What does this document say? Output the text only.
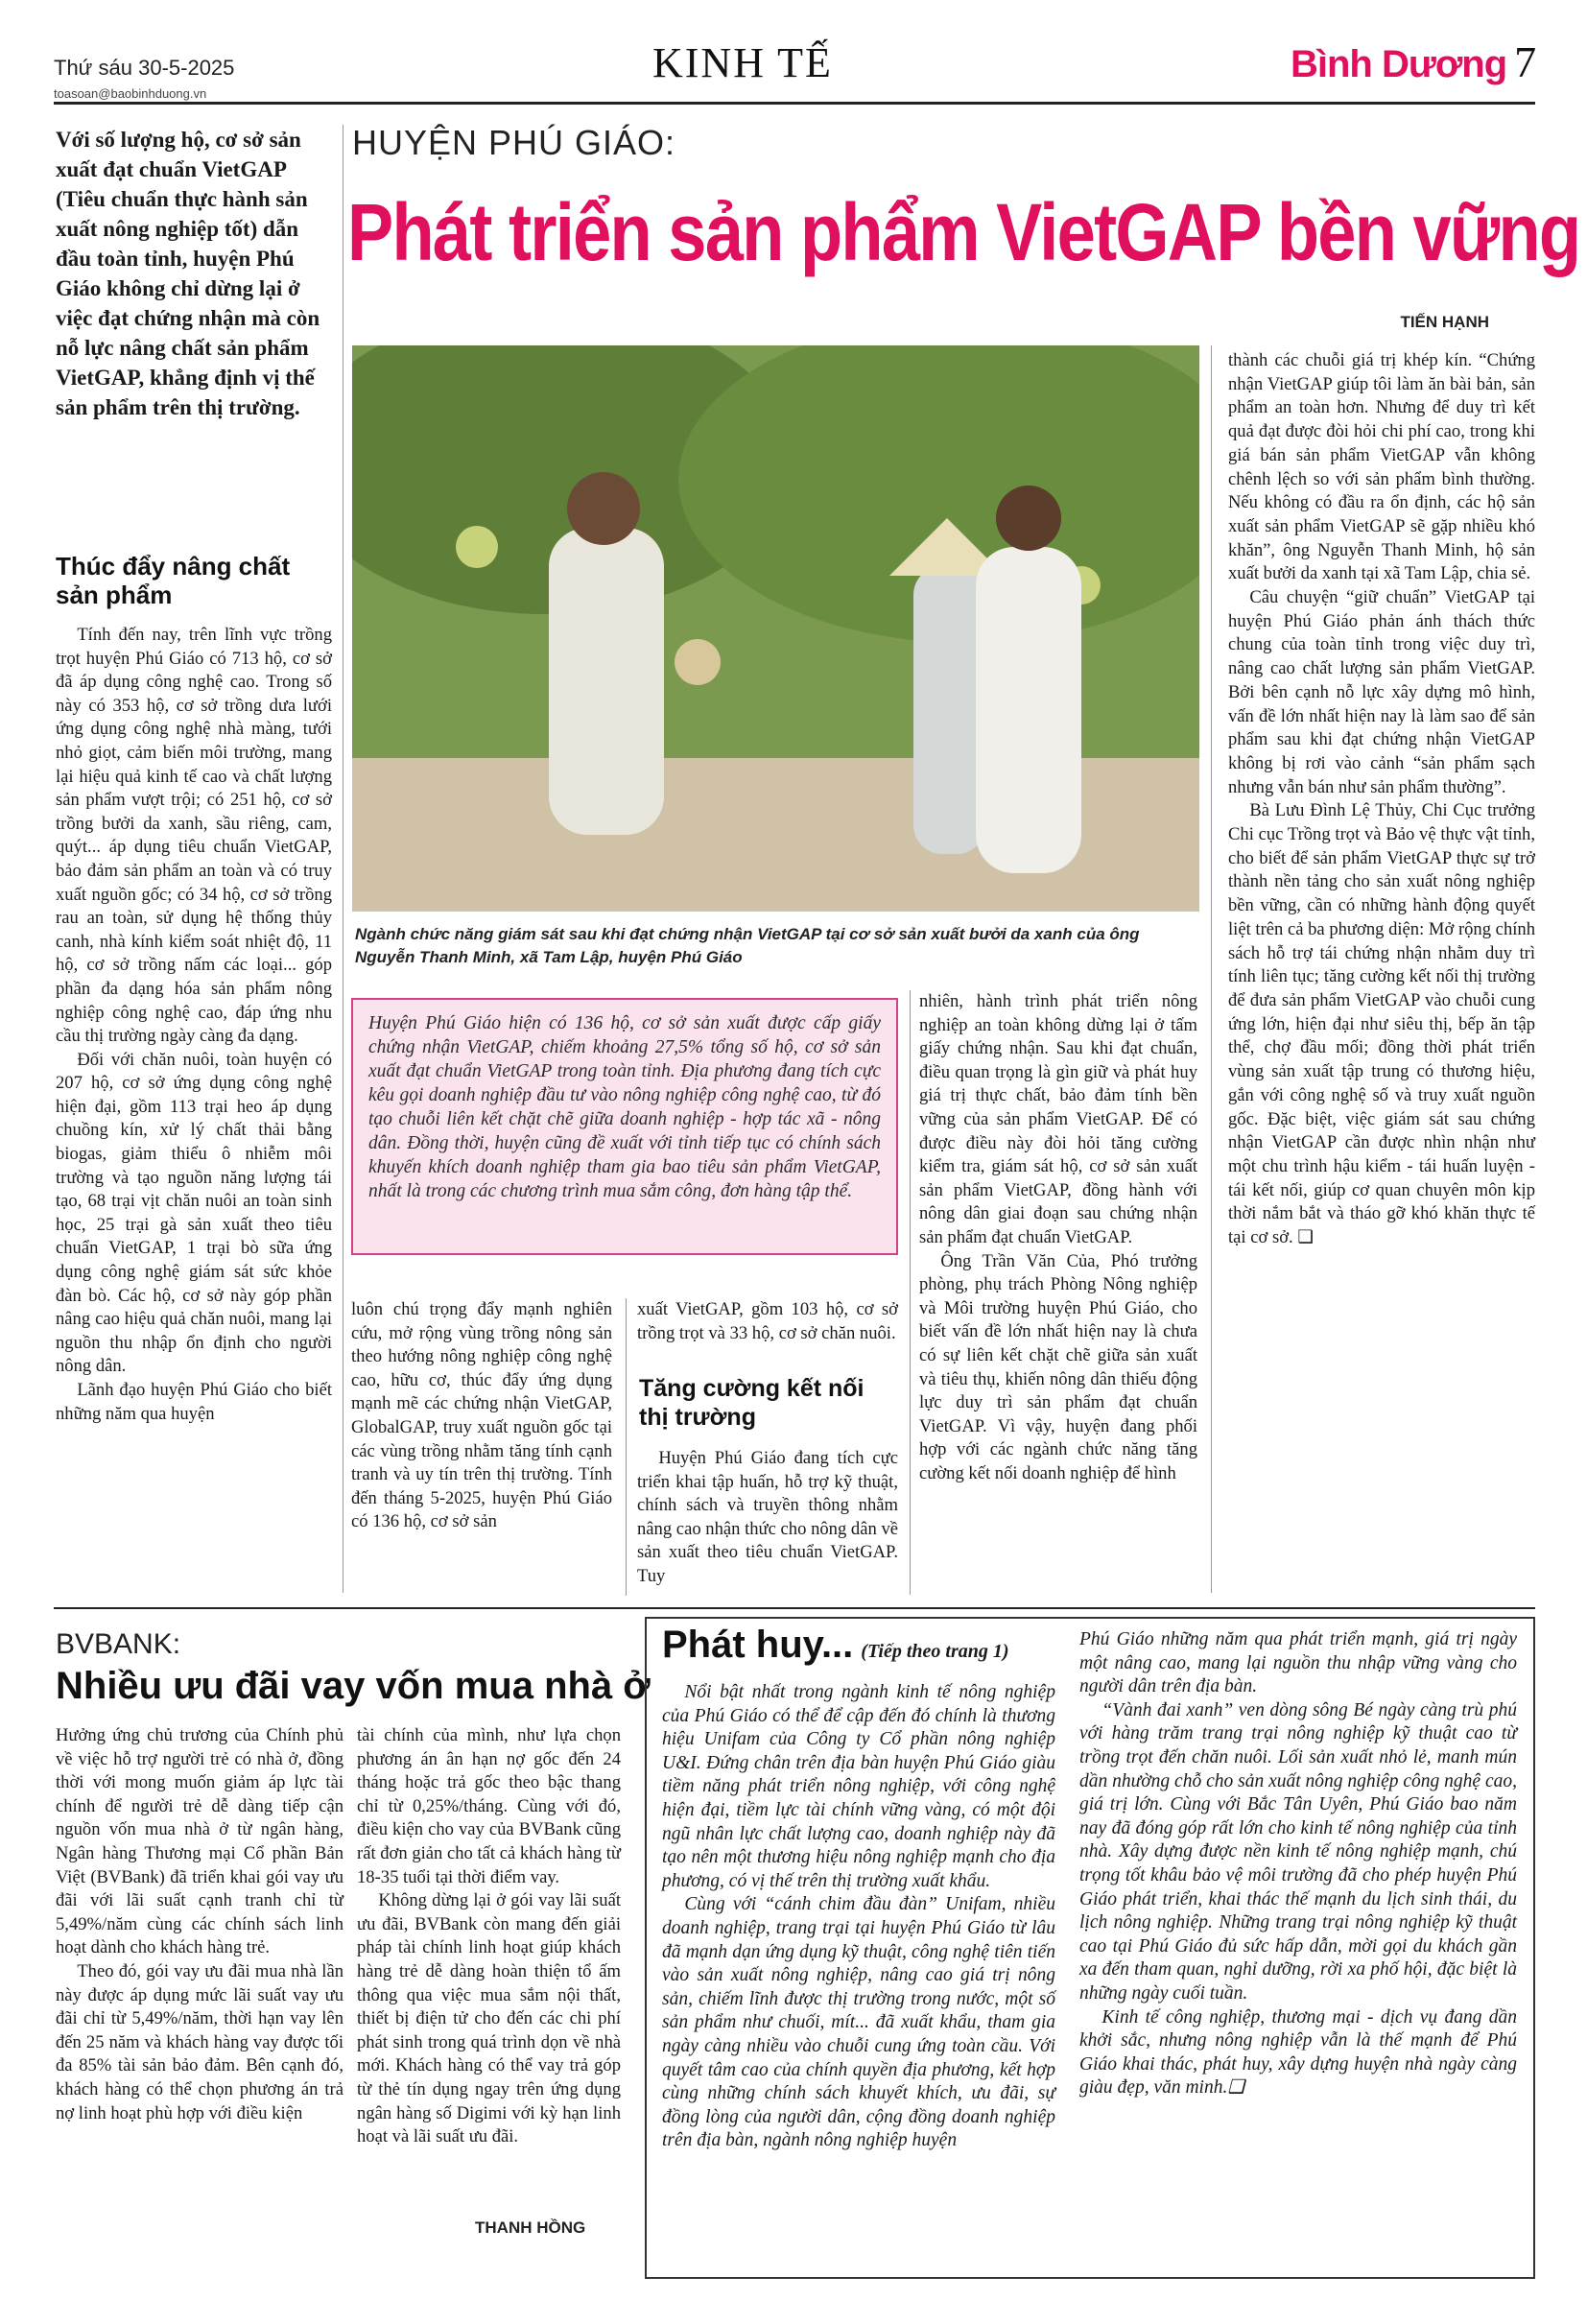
Thứ sáu 30-5-2025
toasoan@baobinhduong.vn
KINH TẾ	Bình Dương 7
Với số lượng hộ, cơ sở sản xuất đạt chuẩn VietGAP (Tiêu chuẩn thực hành sản xuất nông nghiệp tốt) dẫn đầu toàn tỉnh, huyện Phú Giáo không chỉ dừng lại ở việc đạt chứng nhận mà còn nỗ lực nâng chất sản phẩm VietGAP, khẳng định vị thế sản phẩm trên thị trường.
Thúc đẩy nâng chất sản phẩm

Tính đến nay, trên lĩnh vực trồng trọt huyện Phú Giáo có 713 hộ, cơ sở đã áp dụng công nghệ cao. Trong số này có 353 hộ, cơ sở trồng dưa lưới ứng dụng công nghệ nhà màng, tưới nhỏ giọt, cảm biến môi trường, mang lại hiệu quả kinh tế cao và chất lượng sản phẩm vượt trội; có 251 hộ, cơ sở trồng bưởi da xanh, sầu riêng, cam, quýt... áp dụng tiêu chuẩn VietGAP, bảo đảm sản phẩm an toàn và có truy xuất nguồn gốc; có 34 hộ, cơ sở trồng rau an toàn, sử dụng hệ thống thủy canh, nhà kính kiểm soát nhiệt độ, 11 hộ, cơ sở trồng nấm các loại... góp phần đa dạng hóa sản phẩm nông nghiệp công nghệ cao, đáp ứng nhu cầu thị trường ngày càng đa dạng.

Đối với chăn nuôi, toàn huyện có 207 hộ, cơ sở ứng dụng công nghệ hiện đại, gồm 113 trại heo áp dụng chuồng kín, xử lý chất thải bằng biogas, giảm thiểu ô nhiễm môi trường và tạo nguồn năng lượng tái tạo, 68 trại vịt chăn nuôi an toàn sinh học, 25 trại gà sản xuất theo tiêu chuẩn VietGAP, 1 trại bò sữa ứng dụng công nghệ giám sát sức khỏe đàn bò. Các hộ, cơ sở này góp phần nâng cao hiệu quả chăn nuôi, mang lại nguồn thu nhập ổn định cho người nông dân.

Lãnh đạo huyện Phú Giáo cho biết những năm qua huyện

HUYỆN PHÚ GIÁO:
Phát triển sản phẩm VietGAP bền vững
TIẾN HẠNH
Ngành chức năng giám sát sau khi đạt chứng nhận VietGAP tại cơ sở sản xuất bưởi da xanh của ông Nguyễn Thanh Minh, xã Tam Lập, huyện Phú Giáo

thành các chuỗi giá trị khép kín. “Chứng nhận VietGAP giúp tôi làm ăn bài bản, sản phẩm an toàn hơn. Nhưng để duy trì kết quả đạt được đòi hỏi chi phí cao, trong khi giá bán sản phẩm VietGAP vẫn không chênh lệch so với sản phẩm bình thường. Nếu không có đầu ra ổn định, các hộ sản xuất sản phẩm VietGAP sẽ gặp nhiều khó khăn”, ông Nguyễn Thanh Minh, hộ sản xuất bưởi da xanh tại xã Tam Lập, chia sẻ.

Câu chuyện “giữ chuẩn” VietGAP tại huyện Phú Giáo phản ánh thách thức chung của toàn tỉnh trong việc duy trì, nâng cao chất lượng sản phẩm VietGAP. Bởi bên cạnh nỗ lực xây dựng mô hình, vấn đề lớn nhất hiện nay là làm sao để sản phẩm sau khi đạt chứng nhận VietGAP không bị rơi vào cảnh “sản phẩm sạch nhưng vẫn bán như sản phẩm thường”.

Bà Lưu Đình Lệ Thủy, Chi Cục trưởng Chi cục Trồng trọt và Bảo vệ thực vật tỉnh, cho biết để sản phẩm VietGAP thực sự trở thành nền tảng cho sản xuất nông nghiệp bền vững, cần có những hành động quyết liệt trên cả ba phương diện: Mở rộng chính sách hỗ trợ tái chứng nhận nhằm duy trì tính liên tục; tăng cường kết nối thị trường để đưa sản phẩm VietGAP vào chuỗi cung ứng lớn, hiện đại như siêu thị, bếp ăn tập thể, chợ đầu mối; đồng thời phát triển vùng sản xuất tập trung có thương hiệu, gắn với công nghệ số và truy xuất nguồn gốc. Đặc biệt, việc giám sát sau chứng nhận VietGAP cần được nhìn nhận như một chu trình hậu kiểm - tái huấn luyện - tái kết nối, giúp cơ quan chuyên môn kịp thời nắm bắt và tháo gỡ khó khăn thực tế tại cơ sở. ❑

Huyện Phú Giáo hiện có 136 hộ, cơ sở sản xuất được cấp giấy chứng nhận VietGAP, chiếm khoảng 27,5% tổng số hộ, cơ sở sản xuất đạt chuẩn VietGAP trong toàn tỉnh. Địa phương đang tích cực kêu gọi doanh nghiệp đầu tư vào nông nghiệp công nghệ cao, từ đó tạo chuỗi liên kết chặt chẽ giữa doanh nghiệp - hợp tác xã - nông dân. Đồng thời, huyện cũng đề xuất với tỉnh tiếp tục có chính sách khuyến khích doanh nghiệp tham gia bao tiêu sản phẩm VietGAP, nhất là trong các chương trình mua sắm công, đơn hàng tập thể.

nhiên, hành trình phát triển nông nghiệp an toàn không dừng lại ở tấm giấy chứng nhận. Sau khi đạt chuẩn, điều quan trọng là gìn giữ và phát huy giá trị thực chất, bảo đảm tính bền vững của sản phẩm VietGAP. Để có được điều này đòi hỏi tăng cường kiểm tra, giám sát hộ, cơ sở sản xuất sản phẩm VietGAP, đồng hành với nông dân giai đoạn sau chứng nhận sản phẩm đạt chuẩn VietGAP.

Ông Trần Văn Của, Phó trưởng phòng, phụ trách Phòng Nông nghiệp và Môi trường huyện Phú Giáo, cho biết vấn đề lớn nhất hiện nay là chưa có sự liên kết chặt chẽ giữa sản xuất và tiêu thụ, khiến nông dân thiếu động lực duy trì sản phẩm đạt chuẩn VietGAP. Vì vậy, huyện đang phối hợp với các ngành chức năng tăng cường kết nối doanh nghiệp để hình

luôn chú trọng đẩy mạnh nghiên cứu, mở rộng vùng trồng nông sản theo hướng nông nghiệp công nghệ cao, hữu cơ, thúc đẩy ứng dụng mạnh mẽ các chứng nhận VietGAP, GlobalGAP, truy xuất nguồn gốc tại các vùng trồng nhằm tăng tính cạnh tranh và uy tín trên thị trường. Tính đến tháng 5-2025, huyện Phú Giáo có 136 hộ, cơ sở sản

xuất VietGAP, gồm 103 hộ, cơ sở trồng trọt và 33 hộ, cơ sở chăn nuôi.

Tăng cường kết nối thị trường

Huyện Phú Giáo đang tích cực triển khai tập huấn, hỗ trợ kỹ thuật, chính sách và truyền thông nhằm nâng cao nhận thức cho nông dân về sản xuất theo tiêu chuẩn VietGAP. Tuy

BVBANK:
Nhiều ưu đãi vay vốn mua nhà ở

Hưởng ứng chủ trương của Chính phủ về việc hỗ trợ người trẻ có nhà ở, đồng thời với mong muốn giảm áp lực tài chính để người trẻ dễ dàng tiếp cận nguồn vốn mua nhà ở từ ngân hàng, Ngân hàng Thương mại Cổ phần Bản Việt (BVBank) đã triển khai gói vay ưu đãi với lãi suất cạnh tranh chỉ từ 5,49%/năm cùng các chính sách linh hoạt dành cho khách hàng trẻ.

Theo đó, gói vay ưu đãi mua nhà lần này được áp dụng mức lãi suất vay ưu đãi chỉ từ 5,49%/năm, thời hạn vay lên đến 25 năm và khách hàng vay được tối đa 85% tài sản bảo đảm. Bên cạnh đó, khách hàng có thể chọn phương án trả nợ linh hoạt phù hợp với điều kiện

tài chính của mình, như lựa chọn phương án ân hạn nợ gốc đến 24 tháng hoặc trả gốc theo bậc thang chỉ từ 0,25%/tháng. Cùng với đó, điều kiện cho vay của BVBank cũng rất đơn giản cho tất cả khách hàng từ 18-35 tuổi tại thời điểm vay.

Không dừng lại ở gói vay lãi suất ưu đãi, BVBank còn mang đến giải pháp tài chính linh hoạt giúp khách hàng trẻ dễ dàng hoàn thiện tổ ấm thông qua việc mua sắm nội thất, thiết bị điện tử cho đến các chi phí phát sinh trong quá trình dọn về nhà mới. Khách hàng có thể vay trả góp từ thẻ tín dụng ngay trên ứng dụng ngân hàng số Digimi với kỳ hạn linh hoạt và lãi suất ưu đãi.

THANH HỒNG
Phát huy... (Tiếp theo trang 1)

Nổi bật nhất trong ngành kinh tế nông nghiệp của Phú Giáo có thể để cập đến đó chính là thương hiệu Unifam của Công ty Cổ phần nông nghiệp U&I. Đứng chân trên địa bàn huyện Phú Giáo giàu tiềm năng phát triển nông nghiệp, với công nghệ hiện đại, tiềm lực tài chính vững vàng, có một đội ngũ nhân lực chất lượng cao, doanh nghiệp này đã tạo nên một thương hiệu nông nghiệp mạnh cho địa phương, có vị thế trên thị trường xuất khẩu.

Cùng với “cánh chim đầu đàn” Unifam, nhiều doanh nghiệp, trang trại tại huyện Phú Giáo từ lâu đã mạnh dạn ứng dụng kỹ thuật, công nghệ tiên tiến vào sản xuất nông nghiệp, nâng cao giá trị nông sản, chiếm lĩnh được thị trường trong nước, một số sản phẩm như chuối, mít... đã xuất khẩu, tham gia ngày càng nhiều vào chuỗi cung ứng toàn cầu. Với quyết tâm cao của chính quyền địa phương, kết hợp cùng những chính sách khuyết khích, ưu đãi, sự đồng lòng của người dân, cộng đồng doanh nghiệp trên địa bàn, ngành nông nghiệp huyện

Phú Giáo những năm qua phát triển mạnh, giá trị ngày một nâng cao, mang lại nguồn thu nhập vững vàng cho người dân trên địa bàn.

“Vành đai xanh” ven dòng sông Bé ngày càng trù phú với hàng trăm trang trại nông nghiệp kỹ thuật cao từ trồng trọt đến chăn nuôi. Lối sản xuất nhỏ lẻ, manh mún dần nhường chỗ cho sản xuất nông nghiệp công nghệ cao, giá trị lớn. Cùng với Bắc Tân Uyên, Phú Giáo bao năm nay đã đóng góp rất lớn cho kinh tế nông nghiệp của tỉnh nhà. Xây dựng được nền kinh tế nông nghiệp mạnh, chú trọng tốt khâu bảo vệ môi trường đã cho phép huyện Phú Giáo phát triển, khai thác thế mạnh du lịch sinh thái, du lịch nông nghiệp. Những trang trại nông nghiệp kỹ thuật cao tại Phú Giáo đủ sức hấp dẫn, mời gọi du khách gần xa đến tham quan, nghỉ dưỡng, rời xa phố hội, đặc biệt là những ngày cuối tuần.

Kinh tế công nghiệp, thương mại - dịch vụ đang dần khởi sắc, nhưng nông nghiệp vẫn là thế mạnh để Phú Giáo khai thác, phát huy, xây dựng huyện nhà ngày càng giàu đẹp, văn minh.❑
